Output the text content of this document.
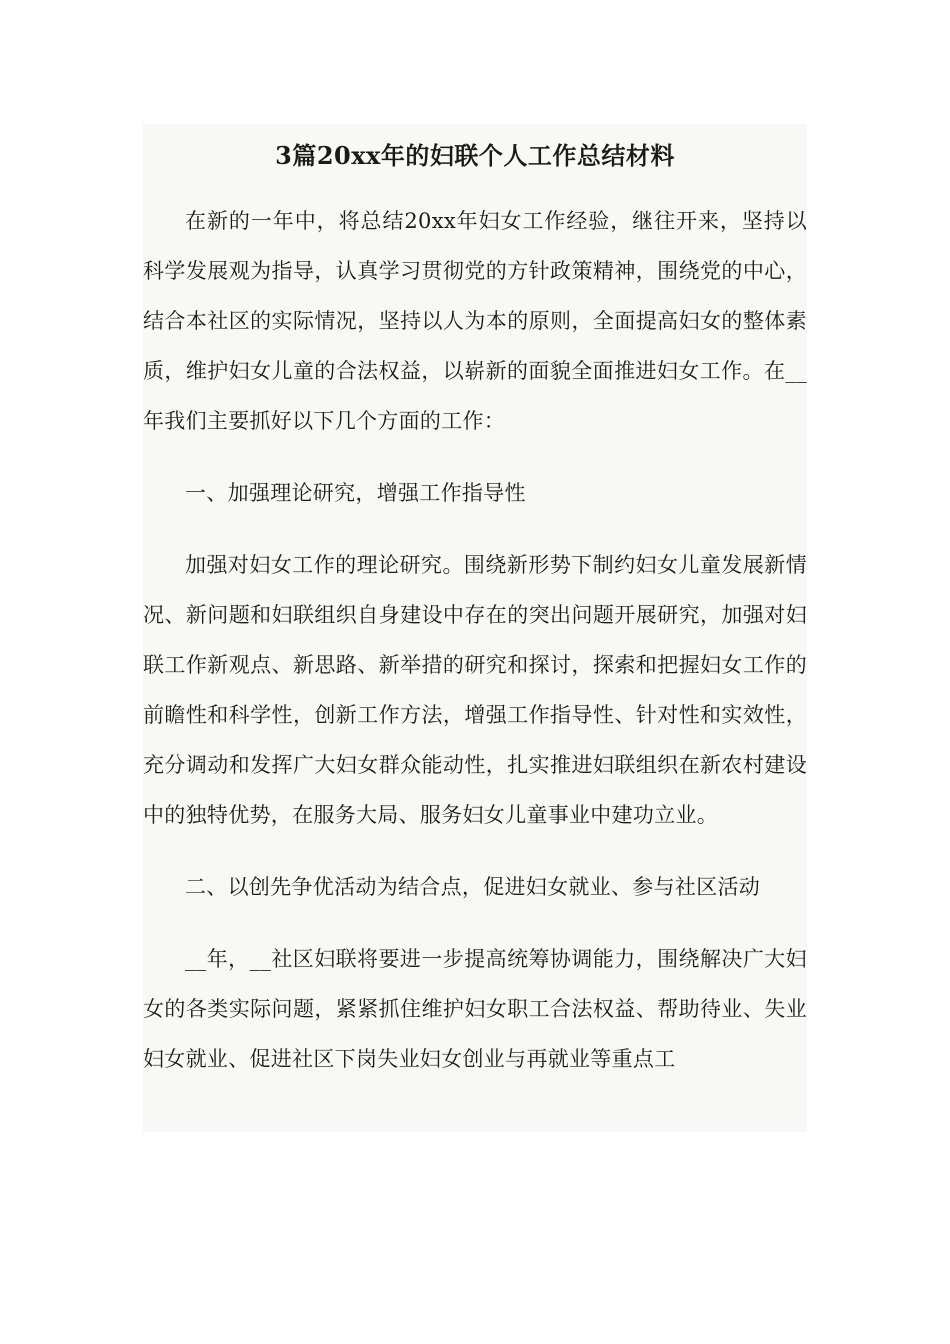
3篇20xx年的妇联个人工作总结材料

在新的一年中，将总结20xx年妇女工作经验，继往开来，坚持以科学发展观为指导，认真学习贯彻党的方针政策精神，围绕党的中心，结合本社区的实际情况，坚持以人为本的原则，全面提高妇女的整体素质，维护妇女儿童的合法权益，以崭新的面貌全面推进妇女工作。在__年我们主要抓好以下几个方面的工作：

一、加强理论研究，增强工作指导性

加强对妇女工作的理论研究。围绕新形势下制约妇女儿童发展新情况、新问题和妇联组织自身建设中存在的突出问题开展研究，加强对妇联工作新观点、新思路、新举措的研究和探讨，探索和把握妇女工作的前瞻性和科学性，创新工作方法，增强工作指导性、针对性和实效性，充分调动和发挥广大妇女群众能动性，扎实推进妇联组织在新农村建设中的独特优势，在服务大局、服务妇女儿童事业中建功立业。

二、以创先争优活动为结合点，促进妇女就业、参与社区活动

__年，__社区妇联将要进一步提高统筹协调能力，围绕解决广大妇女的各类实际问题，紧紧抓住维护妇女职工合法权益、帮助待业、失业妇女就业、促进社区下岗失业妇女创业与再就业等重点工
